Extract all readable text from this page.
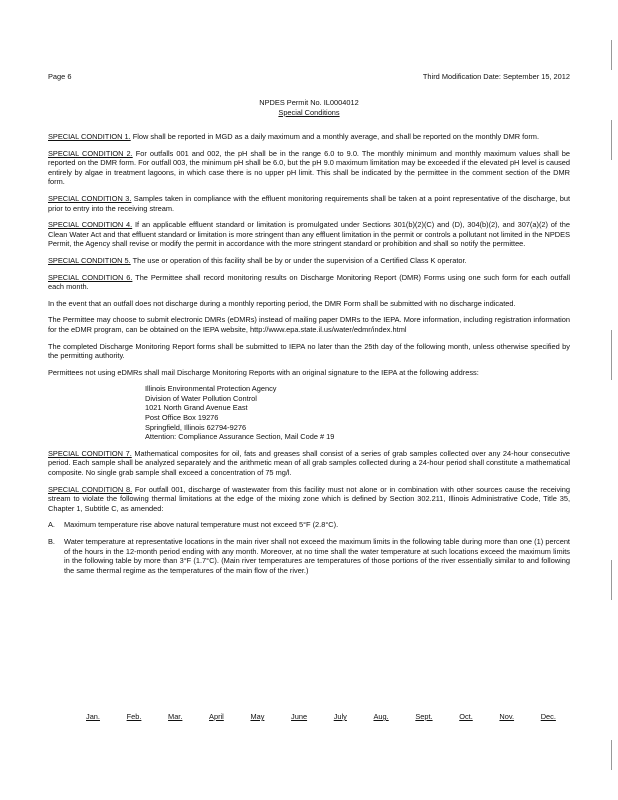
Page 6	Third Modification Date: September 15, 2012
NPDES Permit No. IL0004012
Special Conditions

SPECIAL CONDITION 1. Flow shall be reported in MGD as a daily maximum and a monthly average, and shall be reported on the monthly DMR form.

SPECIAL CONDITION 2. For outfalls 001 and 002, the pH shall be in the range 6.0 to 9.0. The monthly minimum and monthly maximum values shall be reported on the DMR form. For outfall 003, the minimum pH shall be 6.0, but the pH 9.0 maximum limitation may be exceeded if the elevated pH level is caused entirely by algae in treatment lagoons, in which case there is no upper pH limit. This shall be indicated by the permittee in the comment section of the DMR form.

SPECIAL CONDITION 3. Samples taken in compliance with the effluent monitoring requirements shall be taken at a point representative of the discharge, but prior to entry into the receiving stream.

SPECIAL CONDITION 4. If an applicable effluent standard or limitation is promulgated under Sections 301(b)(2)(C) and (D), 304(b)(2), and 307(a)(2) of the Clean Water Act and that effluent standard or limitation is more stringent than any effluent limitation in the permit or controls a pollutant not limited in the NPDES Permit, the Agency shall revise or modify the permit in accordance with the more stringent standard or prohibition and shall so notify the permittee.

SPECIAL CONDITION 5. The use or operation of this facility shall be by or under the supervision of a Certified Class K operator.

SPECIAL CONDITION 6. The Permittee shall record monitoring results on Discharge Monitoring Report (DMR) Forms using one such form for each outfall each month.

In the event that an outfall does not discharge during a monthly reporting period, the DMR Form shall be submitted with no discharge indicated.

The Permittee may choose to submit electronic DMRs (eDMRs) instead of mailing paper DMRs to the IEPA. More information, including registration information for the eDMR program, can be obtained on the IEPA website, http://www.epa.state.il.us/water/edmr/index.html

The completed Discharge Monitoring Report forms shall be submitted to IEPA no later than the 25th day of the following month, unless otherwise specified by the permitting authority.

Permittees not using eDMRs shall mail Discharge Monitoring Reports with an original signature to the IEPA at the following address:

Illinois Environmental Protection Agency
Division of Water Pollution Control
1021 North Grand Avenue East
Post Office Box 19276
Springfield, Illinois 62794-9276
Attention: Compliance Assurance Section, Mail Code # 19

SPECIAL CONDITION 7. Mathematical composites for oil, fats and greases shall consist of a series of grab samples collected over any 24-hour consecutive period. Each sample shall be analyzed separately and the arithmetic mean of all grab samples collected during a 24-hour period shall constitute a mathematical composite. No single grab sample shall exceed a concentration of 75 mg/l.

SPECIAL CONDITION 8. For outfall 001, discharge of wastewater from this facility must not alone or in combination with other sources cause the receiving stream to violate the following thermal limitations at the edge of the mixing zone which is defined by Section 302.211, Illinois Administrative Code, Title 35, Chapter 1, Subtitle C, as amended:

A. Maximum temperature rise above natural temperature must not exceed 5°F (2.8°C).
B. Water temperature at representative locations in the main river shall not exceed the maximum limits in the following table during more than one (1) percent of the hours in the 12-month period ending with any month. Moreover, at no time shall the water temperature at such locations exceed the maximum limits in the following table by more than 3°F (1.7°C). (Main river temperatures are temperatures of those portions of the river essentially similar to and following the same thermal regime as the temperatures of the main flow of the river.)
Jan.	Feb.	Mar.	April	May	June	July	Aug.	Sept.	Oct.	Nov.	Dec.
